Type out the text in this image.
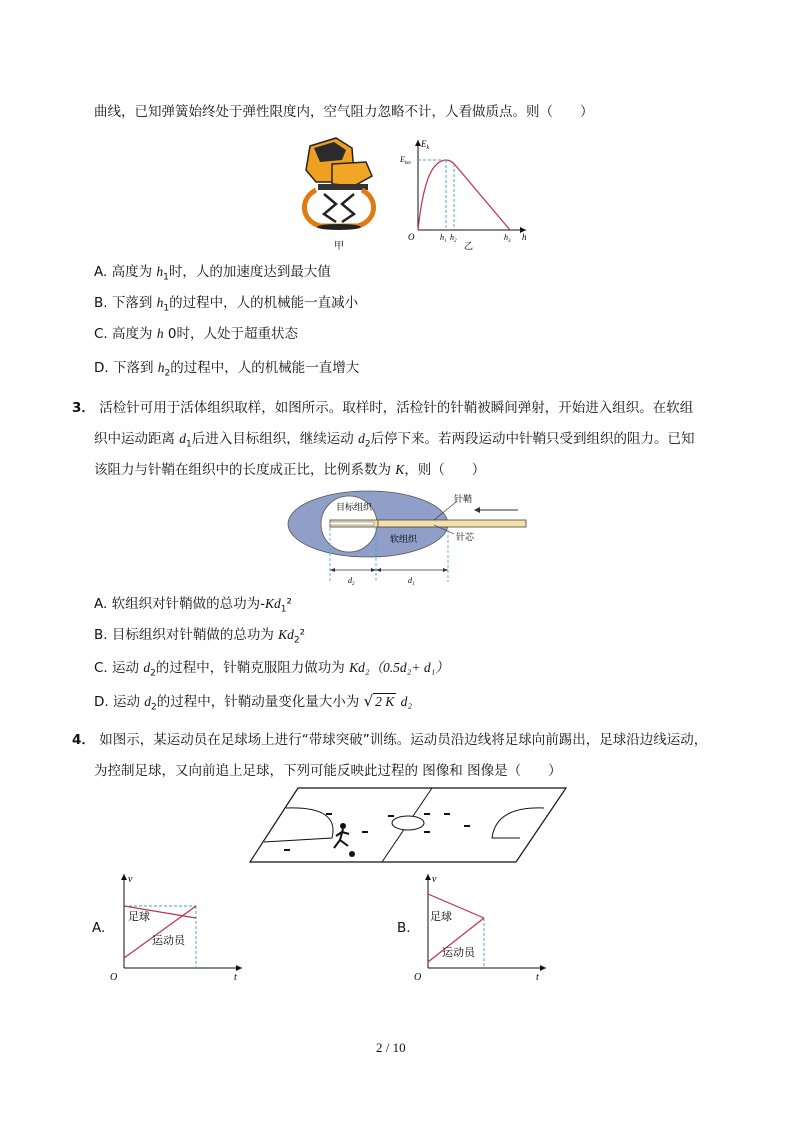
曲线，已知弹簧始终处于弹性限度内，空气阻力忽略不计，人看做质点。则（　　）
甲
$E_k$
$E_{km}$
O	$h_1$ $h_2$	$h_3$ h
乙
A. 高度为 $h_1$时，人的加速度达到最大值
B. 下落到 $h_1$的过程中，人的机械能一直减小
C. 高度为 h 0时，人处于超重状态
D. 下落到 $h_2$的过程中，人的机械能一直增大
3． 活检针可用于活体组织取样，如图所示。取样时，活检针的针鞘被瞬间弹射，开始进入组织。在软组
织中运动距离 $d_1$后进入目标组织，继续运动 $d_2$后停下来。若两段运动中针鞘只受到组织的阻力。已知
该阻力与针鞘在组织中的长度成正比，比例系数为 K，则（　　）
目标组织
软组织
针鞘
针芯
$d_2$	$d_1$
A. 软组织对针鞘做的总功为$-Kd_1^2$
B. 目标组织对针鞘做的总功为 $Kd_2^2$
C. 运动 $d_2$的过程中，针鞘克服阻力做功为 Kd₂（0.5d₂+ d₁）
D. 运动 $d_2$的过程中，针鞘动量变化量大小为 √ 2 K d₂
4． 如图示，某运动员在足球场上进行“带球突破”训练。运动员沿边线将足球向前踢出，足球沿边线运动，
为控制足球，又向前追上足球，下列可能反映此过程的 图像和 图像是（　　）
A.
v
t
O
足球
运动员
B.
v
t
O
足球
运动员
2 / 10
